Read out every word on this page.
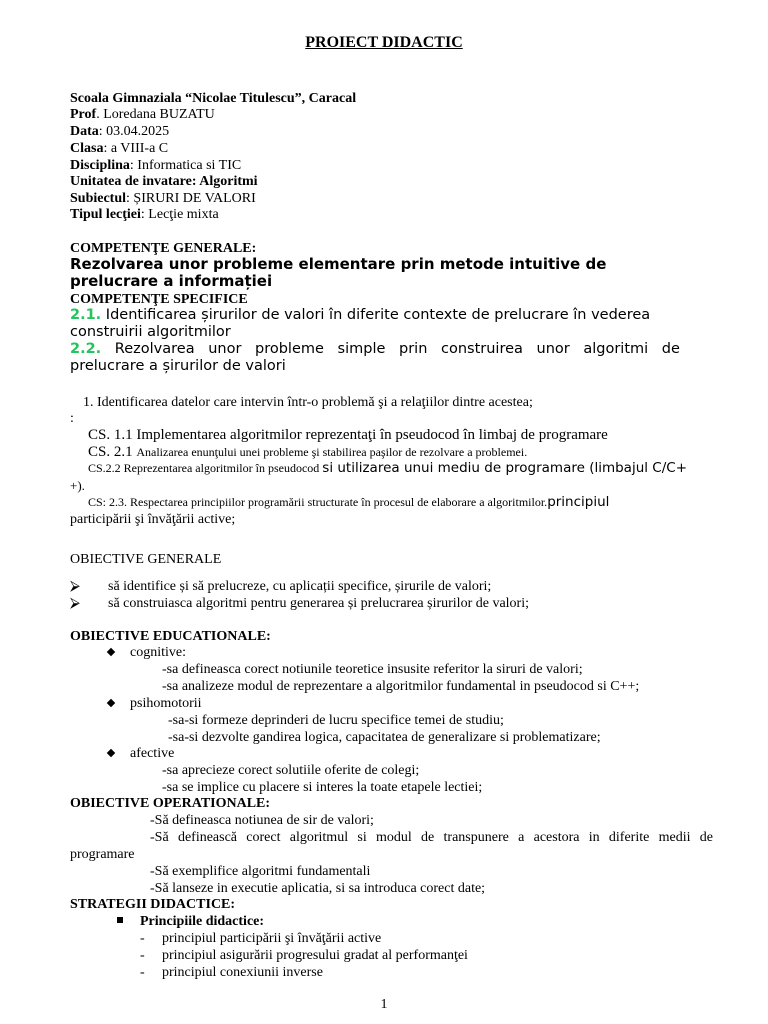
PROIECT DIDACTIC
Scoala Gimnaziala “Nicolae Titulescu”, Caracal
Prof. Loredana BUZATU
Data: 03.04.2025
Clasa: a VIII-a C
Disciplina: Informatica si TIC
Unitatea de invatare: Algoritmi
Subiectul: ȘIRURI DE VALORI
Tipul lecţiei: Lecţie mixta
COMPETENŢE GENERALE:
Rezolvarea unor probleme elementare prin metode intuitive de
prelucrare a informației
COMPETENŢE SPECIFICE
2.1. Identificarea șirurilor de valori în diferite contexte de prelucrare în vederea
construirii algoritmilor
2.2. Rezolvarea unor probleme simple prin construirea unor algoritmi de
prelucrare a șirurilor de valori
1. Identificarea datelor care intervin într-o problemă şi a relaţiilor dintre acestea;
:
CS. 1.1 Implementarea algoritmilor reprezentaţi în pseudocod în limbaj de programare
CS. 2.1 Analizarea enunţului unei probleme şi stabilirea paşilor de rezolvare a problemei.
CS.2.2 Reprezentarea algoritmilor în pseudocod si utilizarea unui mediu de programare (limbajul C/C+
+).
CS: 2.3. Respectarea principiilor programării structurate în procesul de elaborare a algoritmilor.principiul
participării şi învăţării active;
OBIECTIVE GENERALE
⮚ să identifice și să prelucreze, cu aplicații specifice, șirurile de valori;
⮚ să construiasca algoritmi pentru generarea și prelucrarea șirurilor de valori;
OBIECTIVE EDUCATIONALE:
cognitive:
-sa defineasca corect notiunile teoretice insusite referitor la siruri de valori;
-sa analizeze modul de reprezentare a algoritmilor fundamental in pseudocod si C++;
psihomotorii
-sa-si formeze deprinderi de lucru specifice temei de studiu;
-sa-si dezvolte gandirea logica, capacitatea de generalizare si problematizare;
afective
-sa aprecieze corect solutiile oferite de colegi;
-sa se implice cu placere si interes la toate etapele lectiei;
OBIECTIVE OPERATIONALE:
-Să defineasca notiunea de sir de valori;
-Să definească corect algoritmul si modul de transpunere a acestora in diferite medii de
programare
-Să exemplifice algoritmi fundamentali
-Să lanseze in executie aplicatia, si sa introduca corect date;
STRATEGII DIDACTICE:
Principiile didactice:
- principiul participării şi învăţării active
- principiul asigurării progresului gradat al performanţei
- principiul conexiunii inverse
1
